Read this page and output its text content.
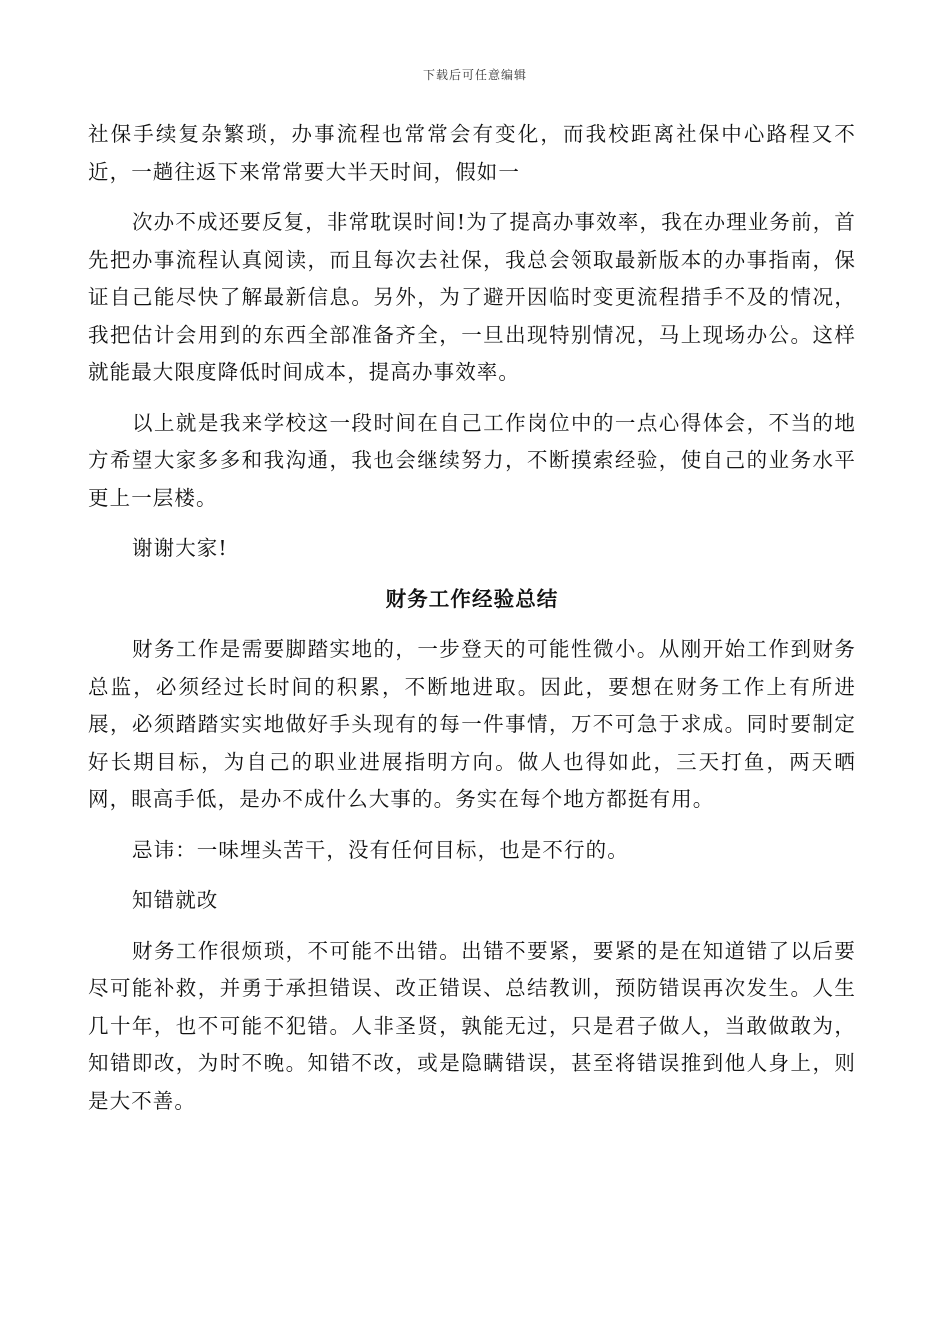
下载后可任意编辑

社保手续复杂繁琐，办事流程也常常会有变化，而我校距离社保中心路程又不近，一趟往返下来常常要大半天时间，假如一

次办不成还要反复，非常耽误时间!为了提高办事效率，我在办理业务前，首先把办事流程认真阅读，而且每次去社保，我总会领取最新版本的办事指南，保证自己能尽快了解最新信息。另外，为了避开因临时变更流程措手不及的情况，我把估计会用到的东西全部准备齐全，一旦出现特别情况，马上现场办公。这样就能最大限度降低时间成本，提高办事效率。

以上就是我来学校这一段时间在自己工作岗位中的一点心得体会，不当的地方希望大家多多和我沟通，我也会继续努力，不断摸索经验，使自己的业务水平更上一层楼。

谢谢大家!

财务工作经验总结

财务工作是需要脚踏实地的，一步登天的可能性微小。从刚开始工作到财务总监，必须经过长时间的积累，不断地进取。因此，要想在财务工作上有所进展，必须踏踏实实地做好手头现有的每一件事情，万不可急于求成。同时要制定好长期目标，为自己的职业进展指明方向。做人也得如此，三天打鱼，两天晒网，眼高手低，是办不成什么大事的。务实在每个地方都挺有用。

忌讳：一味埋头苦干，没有任何目标，也是不行的。

知错就改

财务工作很烦琐，不可能不出错。出错不要紧，要紧的是在知道错了以后要尽可能补救，并勇于承担错误、改正错误、总结教训，预防错误再次发生。人生几十年，也不可能不犯错。人非圣贤，孰能无过，只是君子做人，当敢做敢为，知错即改，为时不晚。知错不改，或是隐瞒错误，甚至将错误推到他人身上，则是大不善。
